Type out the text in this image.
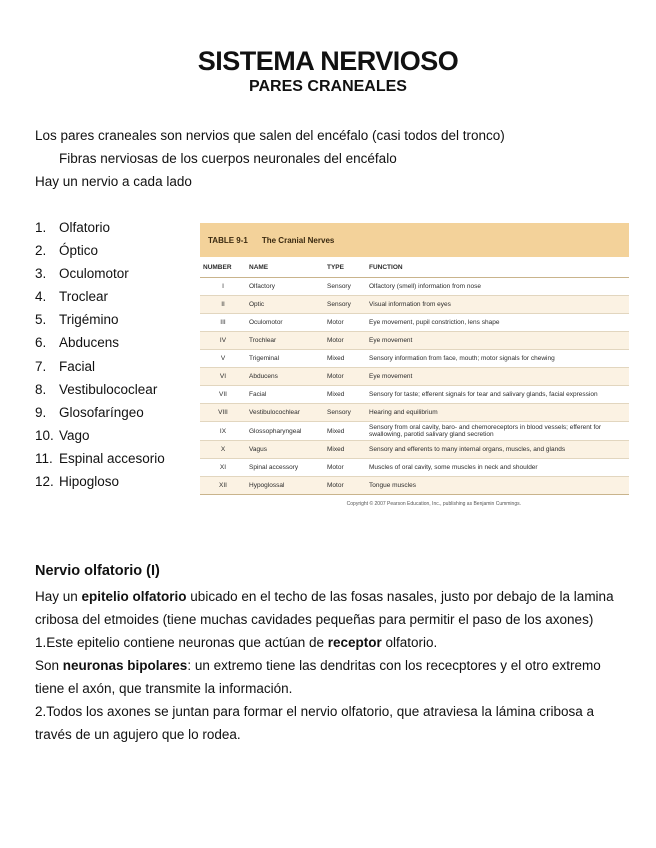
SISTEMA NERVIOSO
PARES CRANEALES
Los pares craneales son nervios que salen del encéfalo (casi todos del tronco)
Fibras nerviosas de los cuerpos neuronales del encéfalo
Hay un nervio a cada lado
1. Olfatorio
2. Óptico
3. Oculomotor
4. Troclear
5. Trigémino
6. Abducens
7. Facial
8. Vestibulococlear
9. Glosofaríngeo
10. Vago
11. Espinal accesorio
12. Hipogloso
TABLE 9-1 The Cranial Nerves
NUMBER	NAME	TYPE	FUNCTION
I	Olfactory	Sensory	Olfactory (smell) information from nose
II	Optic	Sensory	Visual information from eyes
III	Oculomotor	Motor	Eye movement, pupil constriction, lens shape
IV	Trochlear	Motor	Eye movement
V	Trigeminal	Mixed	Sensory information from face, mouth; motor signals for chewing
VI	Abducens	Motor	Eye movement
VII	Facial	Mixed	Sensory for taste; efferent signals for tear and salivary glands, facial expression
VIII	Vestibulocochlear	Sensory	Hearing and equilibrium
IX	Glossopharyngeal	Mixed	Sensory from oral cavity, baro- and chemoreceptors in blood vessels; efferent for swallowing, parotid salivary gland secretion
X	Vagus	Mixed	Sensory and efferents to many internal organs, muscles, and glands
XI	Spinal accessory	Motor	Muscles of oral cavity, some muscles in neck and shoulder
XII	Hypoglossal	Motor	Tongue muscles
Copyright © 2007 Pearson Education, Inc., publishing as Benjamin Cummings.
Nervio olfatorio (I)

Hay un epitelio olfatorio ubicado en el techo de las fosas nasales, justo por debajo de la lamina cribosa del etmoides (tiene muchas cavidades pequeñas para permitir el paso de los axones)

1.Este epitelio contiene neuronas que actúan de receptor olfatorio.

Son neuronas bipolares: un extremo tiene las dendritas con los rececptores y el otro extremo tiene el axón, que transmite la información.

2.Todos los axones se juntan para formar el nervio olfatorio, que atraviesa la lámina cribosa a través de un agujero que lo rodea.
